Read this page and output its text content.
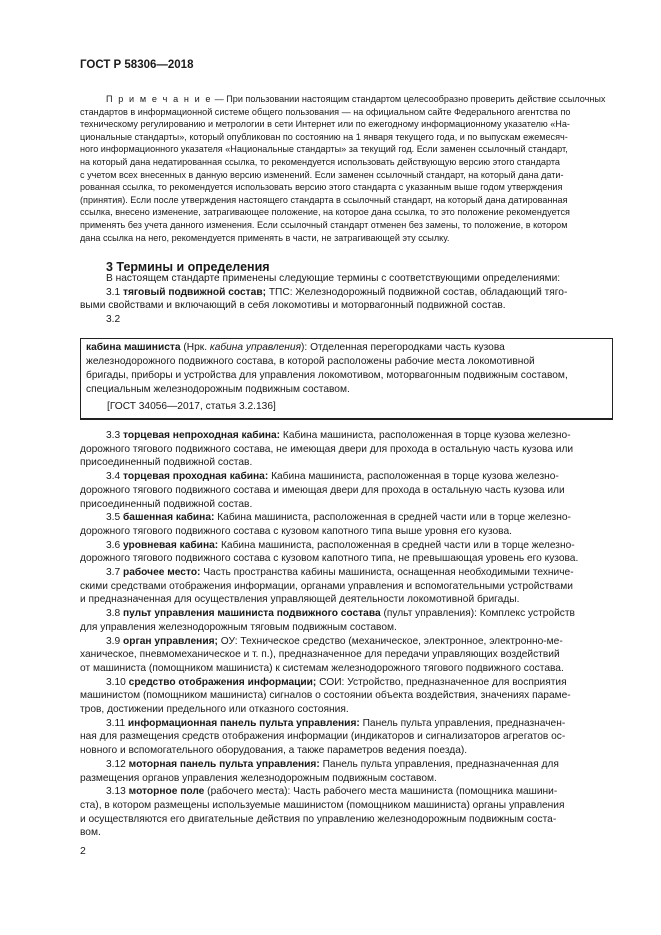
ГОСТ Р 58306—2018
П р и м е ч а н и е — При пользовании настоящим стандартом целесообразно проверить действие ссылочных
стандартов в информационной системе общего пользования — на официальном сайте Федерального агентства по
техническому регулированию и метрологии в сети Интернет или по ежегодному информационному указателю «На-
циональные стандарты», который опубликован по состоянию на 1 января текущего года, и по выпускам ежемесяч-
ного информационного указателя «Национальные стандарты» за текущий год. Если заменен ссылочный стандарт,
на который дана недатированная ссылка, то рекомендуется использовать действующую версию этого стандарта
с учетом всех внесенных в данную версию изменений. Если заменен ссылочный стандарт, на который дана дати-
рованная ссылка, то рекомендуется использовать версию этого стандарта с указанным выше годом утверждения
(принятия). Если после утверждения настоящего стандарта в ссылочный стандарт, на который дана датированная
ссылка, внесено изменение, затрагивающее положение, на которое дана ссылка, то это положение рекомендуется
применять без учета данного изменения. Если ссылочный стандарт отменен без замены, то положение, в котором
дана ссылка на него, рекомендуется применять в части, не затрагивающей эту ссылку.
3 Термины и определения
В настоящем стандарте применены следующие термины с соответствующими определениями:
3.1 тяговый подвижной состав; ТПС: Железнодорожный подвижной состав, обладающий тяго-
выми свойствами и включающий в себя локомотивы и моторвагонный подвижной состав.
3.2
кабина машиниста (Нрк. кабина управления): Отделенная перегородками часть кузова
железнодорожного подвижного состава, в которой расположены рабочие места локомотивной
бригады, приборы и устройства для управления локомотивом, моторвагонным подвижным составом,
специальным железнодорожным подвижным составом.
[ГОСТ 34056—2017, статья 3.2.136]
3.3 торцевая непроходная кабина: Кабина машиниста, расположенная в торце кузова железно-
дорожного тягового подвижного состава, не имеющая двери для прохода в остальную часть кузова или
присоединенный подвижной состав.
3.4 торцевая проходная кабина: Кабина машиниста, расположенная в торце кузова железно-
дорожного тягового подвижного состава и имеющая двери для прохода в остальную часть кузова или
присоединенный подвижной состав.
3.5 башенная кабина: Кабина машиниста, расположенная в средней части или в торце железно-
дорожного тягового подвижного состава с кузовом капотного типа выше уровня его кузова.
3.6 уровневая кабина: Кабина машиниста, расположенная в средней части или в торце железно-
дорожного тягового подвижного состава с кузовом капотного типа, не превышающая уровень его кузова.
3.7 рабочее место: Часть пространства кабины машиниста, оснащенная необходимыми техниче-
скими средствами отображения информации, органами управления и вспомогательными устройствами
и предназначенная для осуществления управляющей деятельности локомотивной бригады.
3.8 пульт управления машиниста подвижного состава (пульт управления): Комплекс устройств
для управления железнодорожным тяговым подвижным составом.
3.9 орган управления; ОУ: Техническое средство (механическое, электронное, электронно-ме-
ханическое, пневмомеханическое и т. п.), предназначенное для передачи управляющих воздействий
от машиниста (помощником машиниста) к системам железнодорожного тягового подвижного состава.
3.10 средство отображения информации; СОИ: Устройство, предназначенное для восприятия
машинистом (помощником машиниста) сигналов о состоянии объекта воздействия, значениях параме-
тров, достижении предельного или отказного состояния.
3.11 информационная панель пульта управления: Панель пульта управления, предназначен-
ная для размещения средств отображения информации (индикаторов и сигнализаторов агрегатов ос-
новного и вспомогательного оборудования, а также параметров ведения поезда).
3.12 моторная панель пульта управления: Панель пульта управления, предназначенная для
размещения органов управления железнодорожным подвижным составом.
3.13 моторное поле (рабочего места): Часть рабочего места машиниста (помощника машини-
ста), в котором размещены используемые машинистом (помощником машиниста) органы управления
и осуществляются его двигательные действия по управлению железнодорожным подвижным соста-
вом.
2
